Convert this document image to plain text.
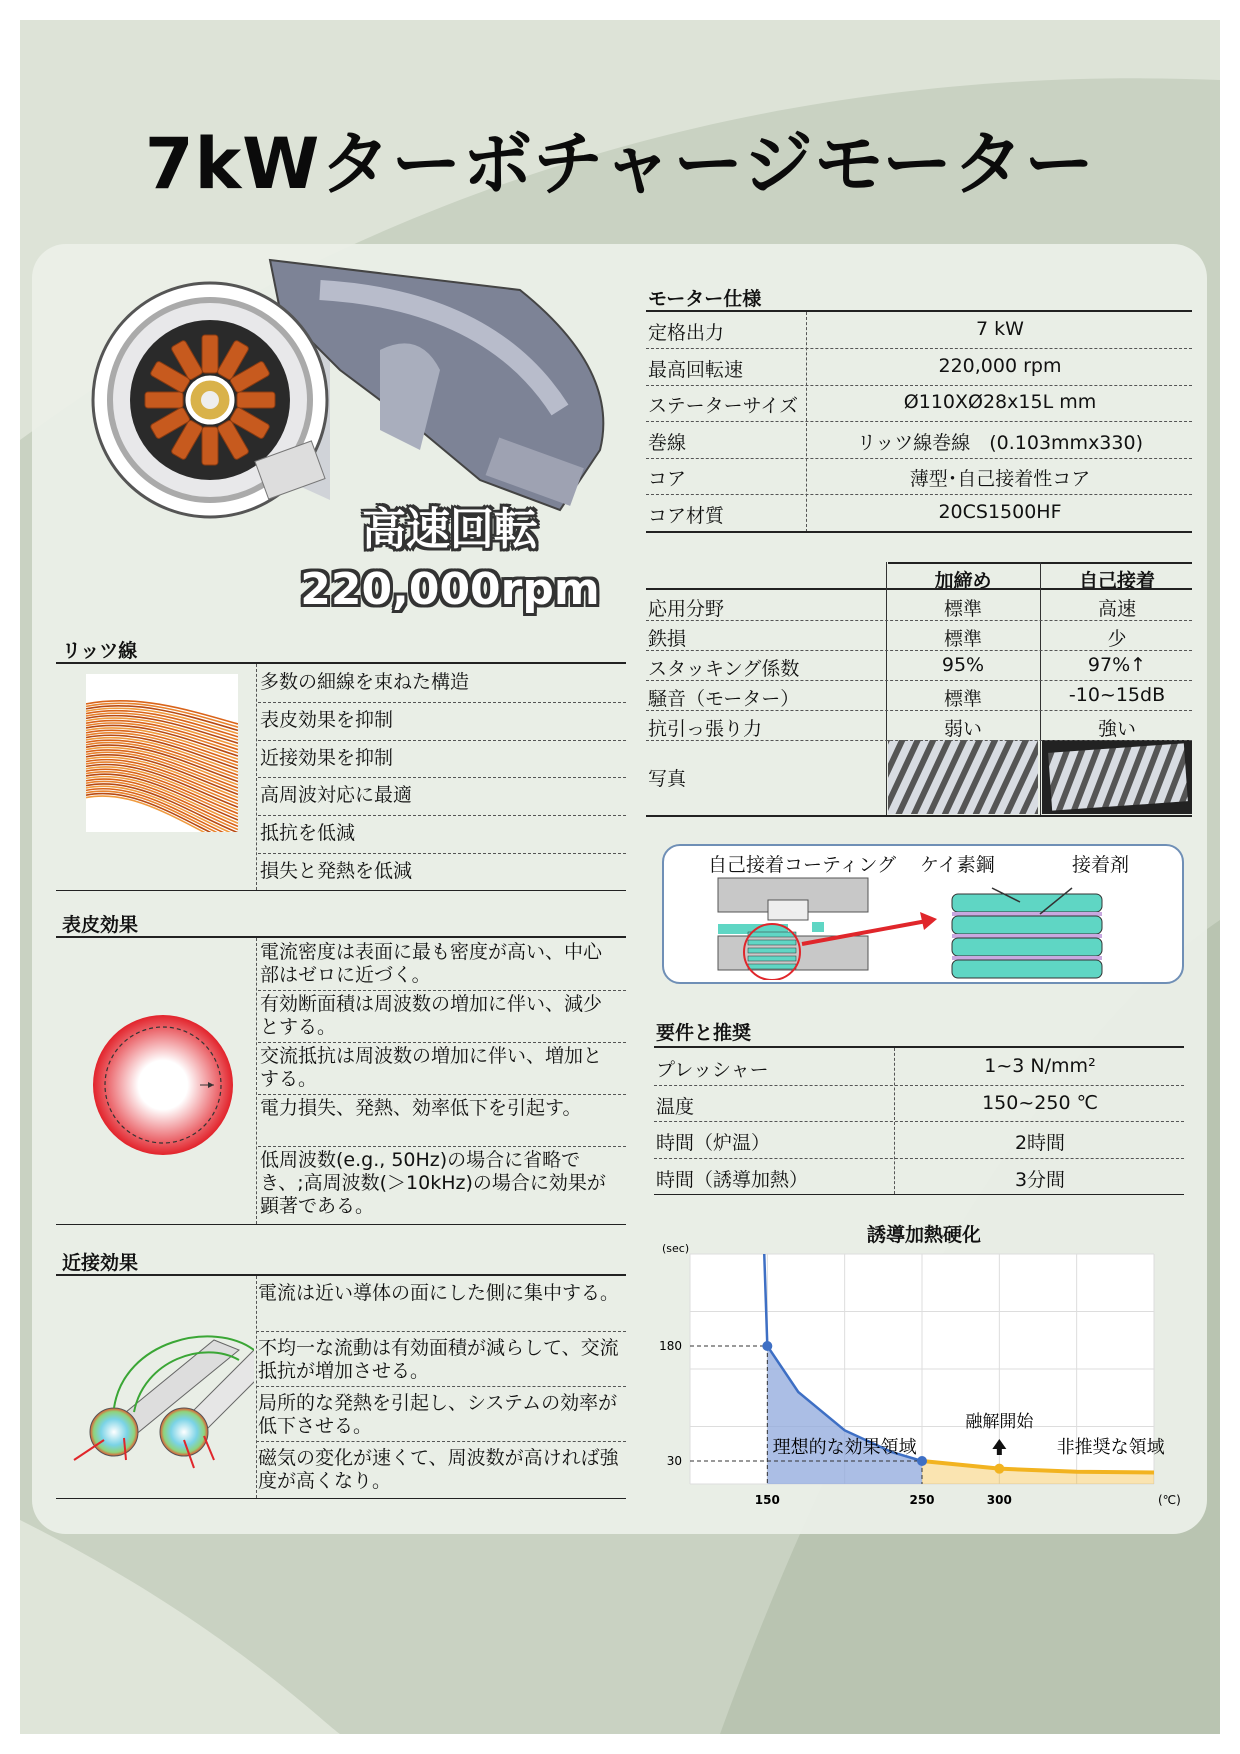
7kWターボチャージモーター
高速回転
220,000rpm
モーター仕様
加締め	自己接着
写真
自己接着コーティング ケイ素鋼	接着剤
リッツ線
表皮効果
近接効果
要件と推奨
誘導加熱硬化
150	250	300
30
180
(sec)
(℃)
理想的な効果領域
融解開始
非推奨な領域
定格出力	7 kW
最高回転速	220,000 rpm
ステーターサイズ	Ø110XØ28x15L mm
巻線	リッツ線巻線　(0.103mmx330)
コア	薄型･自己接着性コア
コア材質	20CS1500HF
応用分野	標準	高速
鉄損	標準	少
スタッキング係数	95%	97%↑
騒音（モーター）	標準	-10~15dB
抗引っ張り力	弱い	強い
多数の細線を束ねた構造
表皮効果を抑制
近接効果を抑制
高周波対応に最適
抵抗を低減
損失と発熱を低減
電流密度は表面に最も密度が高い、中心部はゼロに近づく。
有効断面積は周波数の増加に伴い、減少とする。
交流抵抗は周波数の増加に伴い、増加とする。
電力損失、発熱、効率低下を引起す。
低周波数(e.g., 50Hz)の場合に省略でき、;高周波数(＞10kHz)の場合に効果が顕著である。
電流は近い導体の面にした側に集中する。
不均一な流動は有効面積が減らして、交流抵抗が増加させる。
局所的な発熱を引起し、システムの効率が低下させる。
磁気の変化が速くて、周波数が高ければ強度が高くなり。
プレッシャー	1~3 N/mm²
温度	150~250 ℃
時間（炉温）	2時間
時間（誘導加熱）	3分間
